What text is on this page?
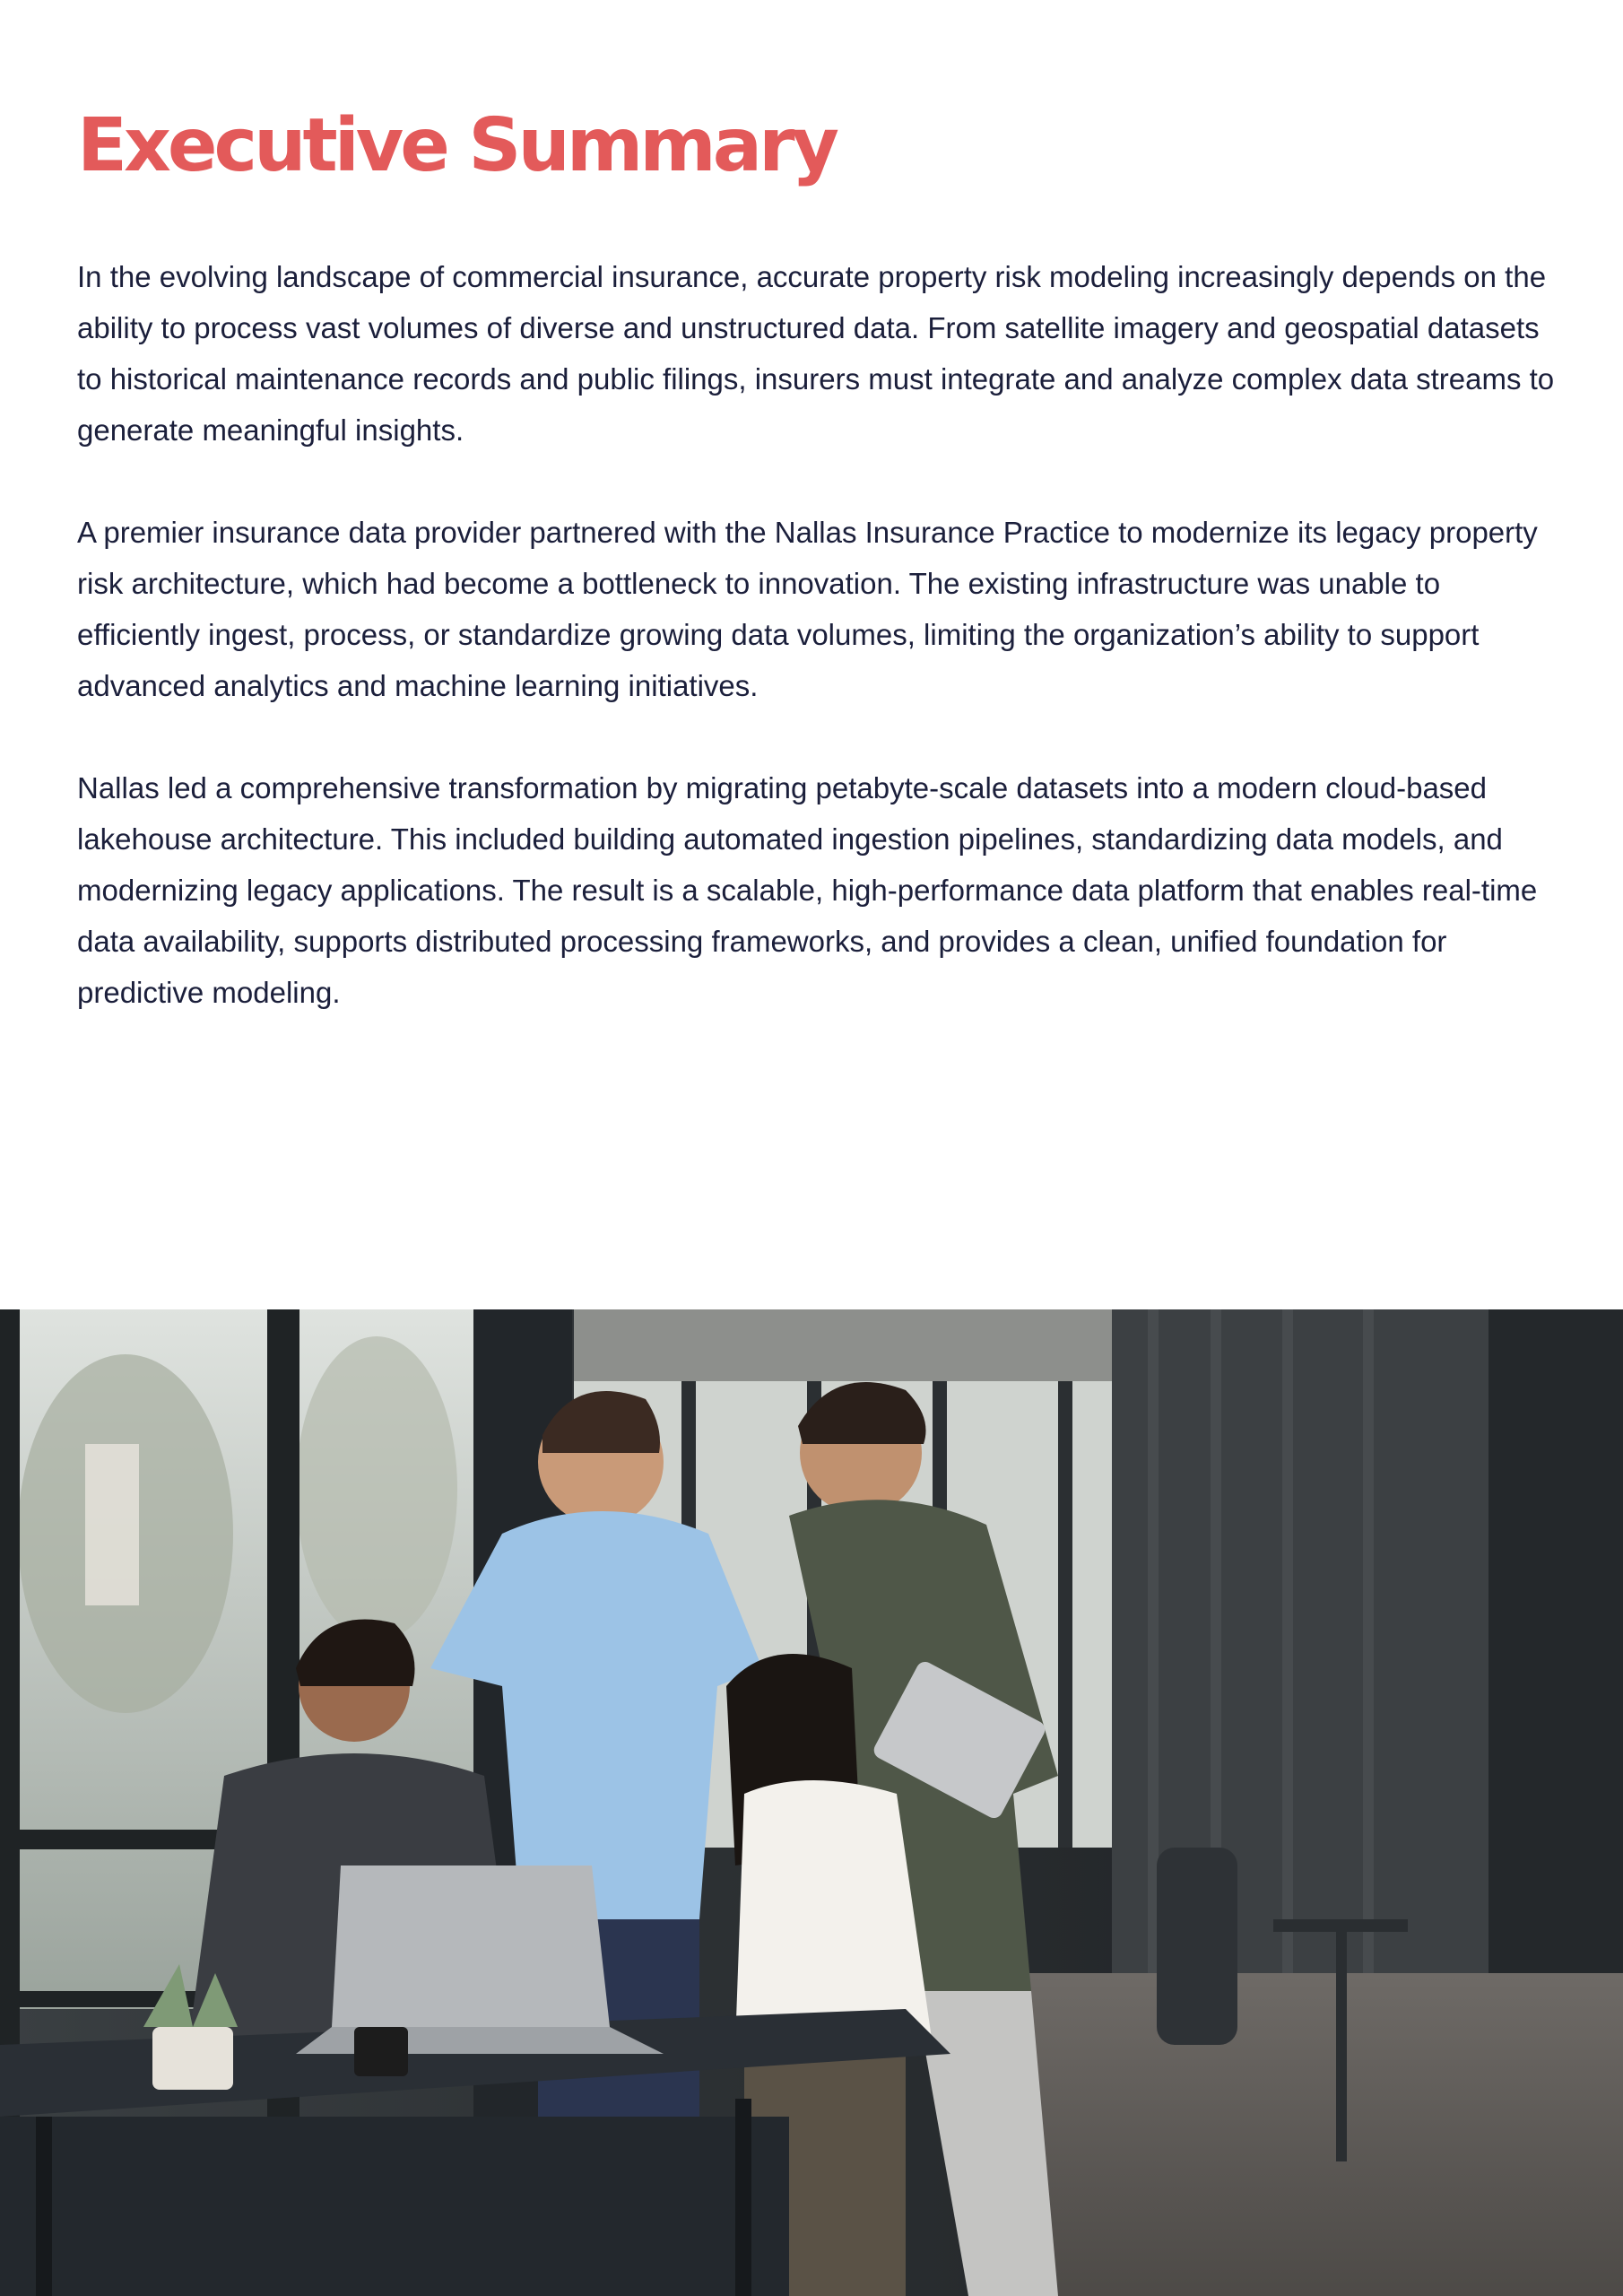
Executive Summary

In the evolving landscape of commercial insurance, accurate property risk modeling increasingly depends on the ability to process vast volumes of diverse and unstructured data. From satellite imagery and geospatial datasets to historical maintenance records and public filings, insurers must integrate and analyze complex data streams to generate meaningful insights.

A premier insurance data provider partnered with the Nallas Insurance Practice to modernize its legacy property risk architecture, which had become a bottleneck to innovation. The existing infrastructure was unable to efficiently ingest, process, or standardize growing data volumes, limiting the organization’s ability to support advanced analytics and machine learning initiatives.

Nallas led a comprehensive transformation by migrating petabyte-scale datasets into a modern cloud-based lakehouse architecture. This included building automated ingestion pipelines, standardizing data models, and modernizing legacy applications. The result is a scalable, high-performance data platform that enables real-time data availability, supports distributed processing frameworks, and provides a clean, unified foundation for predictive modeling.
